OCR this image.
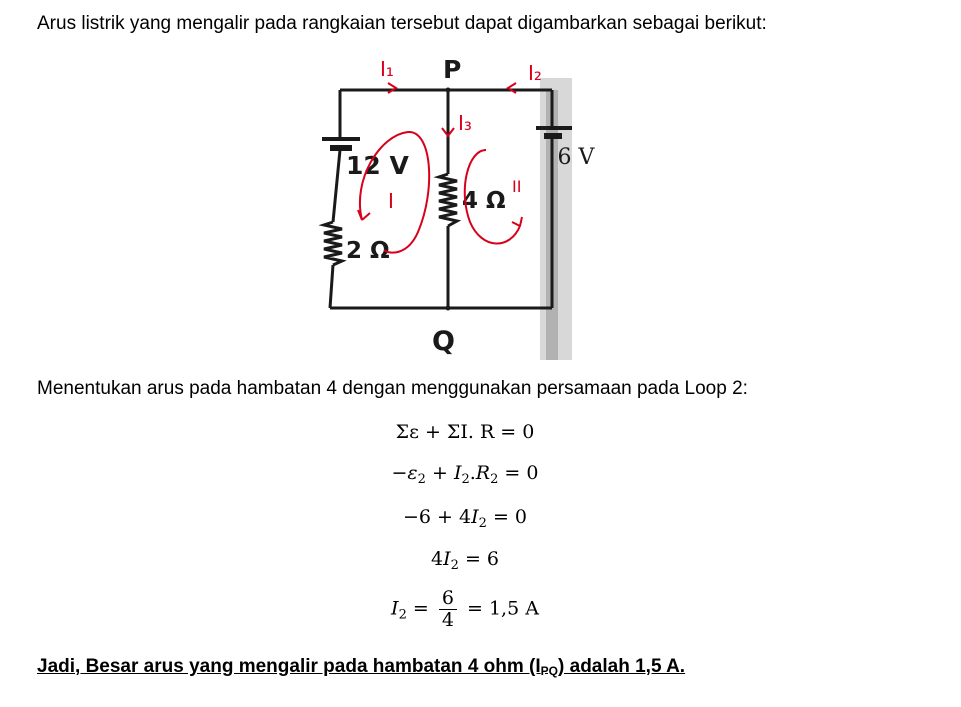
Arus listrik yang mengalir pada rangkaian tersebut dapat digambarkan sebagai berikut:
P
Q
12 V	6 V
2 Ω
4 Ω
I₁	I₂
I₃
I
II
Menentukan arus pada hambatan 4 dengan menggunakan persamaan pada Loop 2:
Σε + ΣI. R = 0
$-\varepsilon_2 + I_2.R_2 = 0$
$-6 + 4I_2 = 0$
$4I_2 = 6$
$I_2 = \frac{6}{4} = 1,5$ A
Jadi, Besar arus yang mengalir pada hambatan 4 ohm $(I_{PQ})$ adalah 1,5 A.
